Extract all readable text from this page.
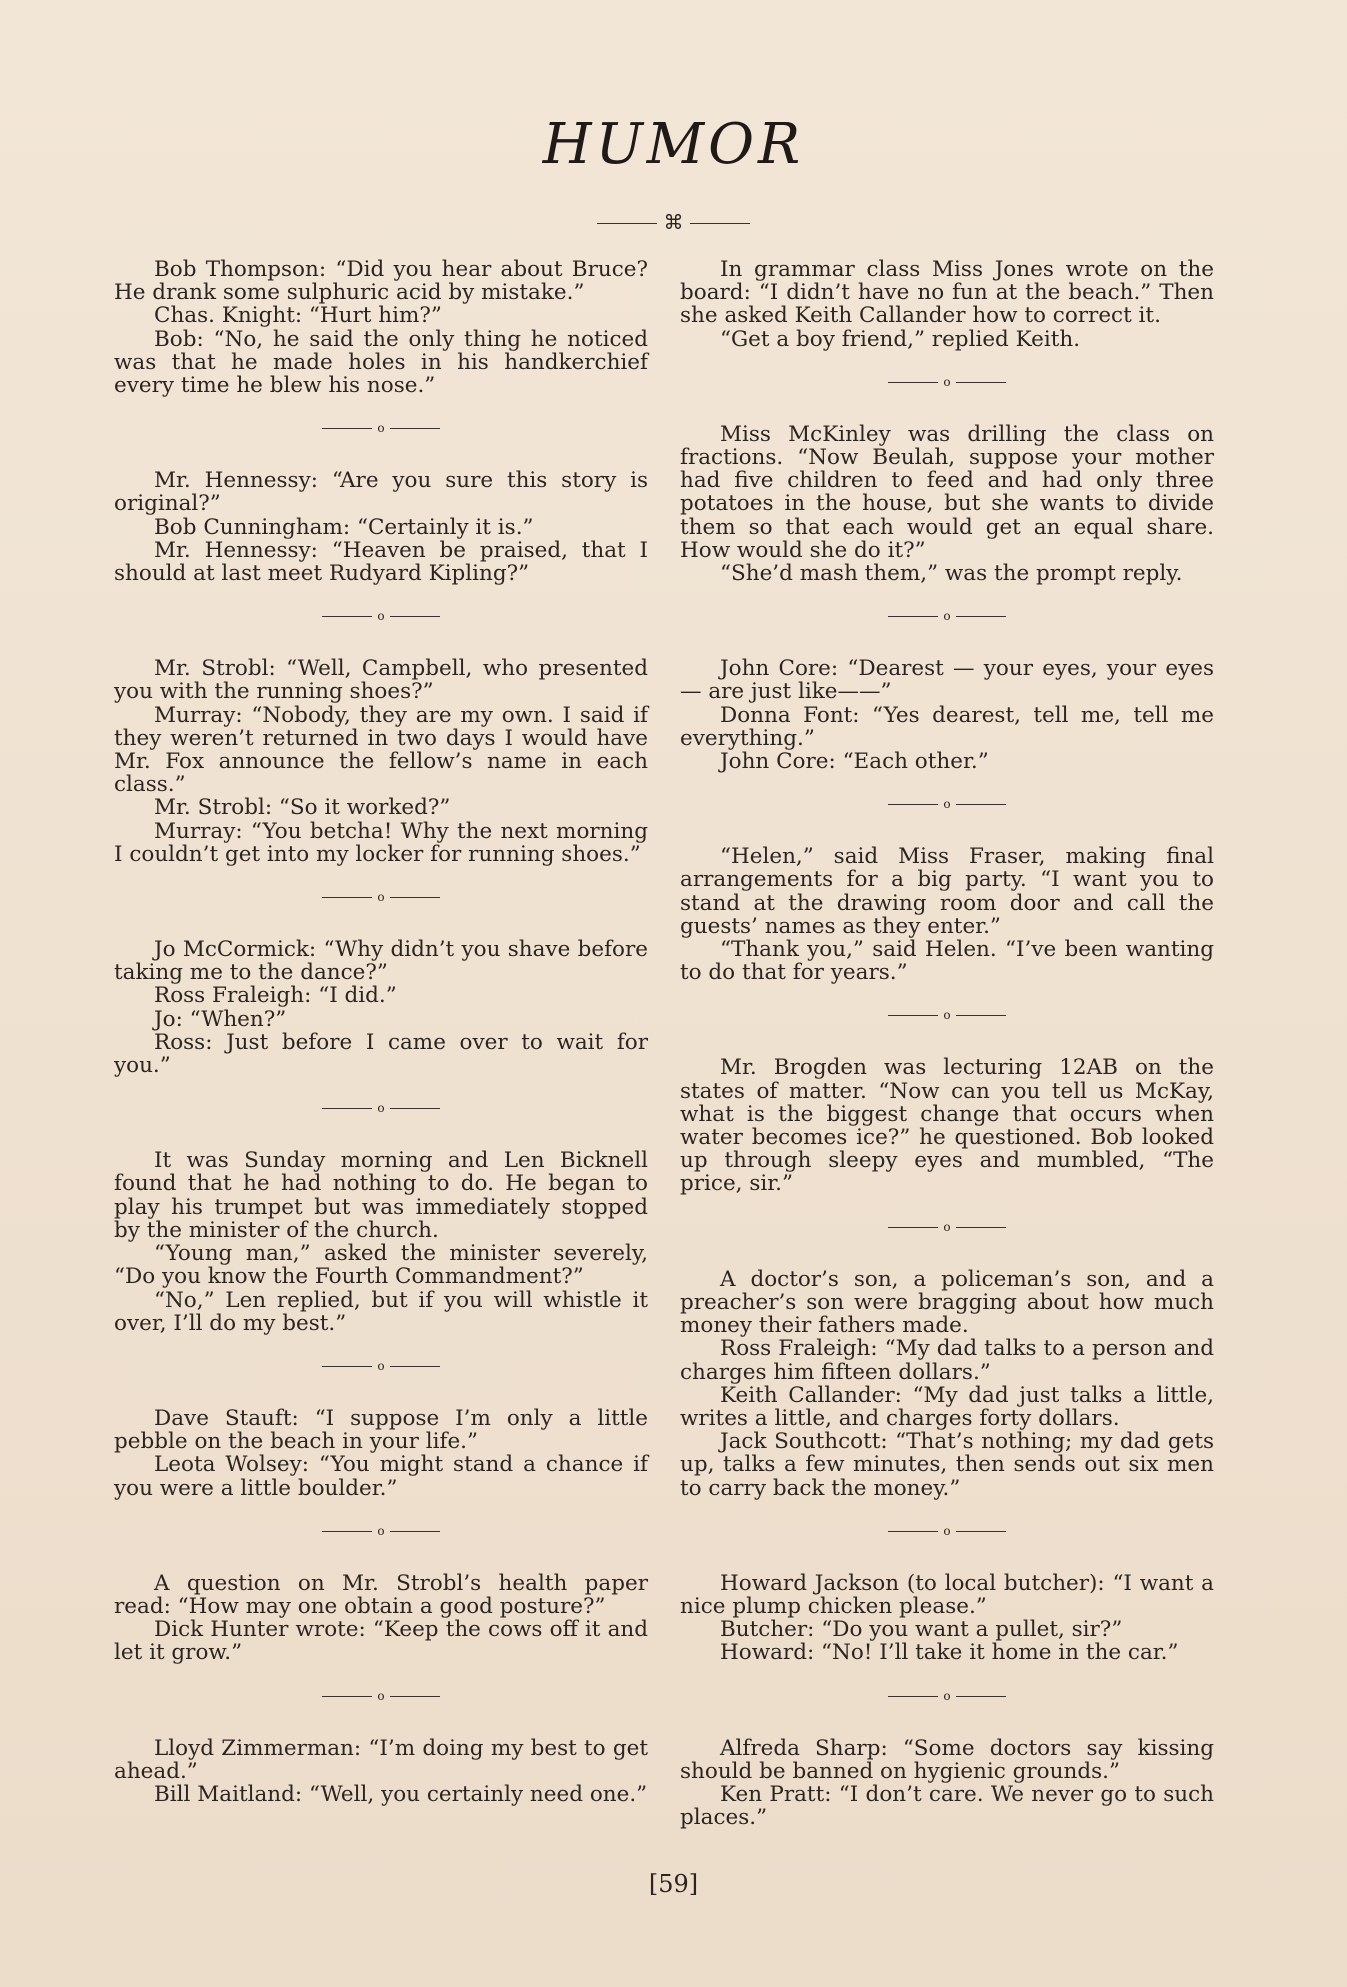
HUMOR
⌘

Bob Thompson: “Did you hear about Bruce? He drank some sulphuric acid by mistake.”

Chas. Knight: “Hurt him?”

Bob: “No, he said the only thing he noticed was that he made holes in his handkerchief every time he blew his nose.”

o

Mr. Hennessy: “Are you sure this story is original?”

Bob Cunningham: “Certainly it is.”

Mr. Hennessy: “Heaven be praised, that I should at last meet Rudyard Kipling?”

o

Mr. Strobl: “Well, Campbell, who presented you with the running shoes?”

Murray: “Nobody, they are my own. I said if they weren’t returned in two days I would have Mr. Fox announce the fellow’s name in each class.”

Mr. Strobl: “So it worked?”

Murray: “You betcha! Why the next morning I couldn’t get into my locker for running shoes.”

o

Jo McCormick: “Why didn’t you shave before taking me to the dance?”

Ross Fraleigh: “I did.”

Jo: “When?”

Ross: Just before I came over to wait for you.”

o

It was Sunday morning and Len Bicknell found that he had nothing to do. He began to play his trumpet but was immediately stopped by the minister of the church.

“Young man,” asked the minister severely, “Do you know the Fourth Commandment?”

“No,” Len replied, but if you will whistle it over, I’ll do my best.”

o

Dave Stauft: “I suppose I’m only a little pebble on the beach in your life.”

Leota Wolsey: “You might stand a chance if you were a little boulder.”

o

A question on Mr. Strobl’s health paper read: “How may one obtain a good posture?”

Dick Hunter wrote: “Keep the cows off it and let it grow.”

o

Lloyd Zimmerman: “I’m doing my best to get ahead.”

Bill Maitland: “Well, you certainly need one.”

In grammar class Miss Jones wrote on the board: “I didn’t have no fun at the beach.” Then she asked Keith Callander how to correct it.

“Get a boy friend,” replied Keith.

o

Miss McKinley was drilling the class on fractions. “Now Beulah, suppose your mother had five children to feed and had only three potatoes in the house, but she wants to divide them so that each would get an equal share. How would she do it?”

“She’d mash them,” was the prompt reply.

o

John Core: “Dearest — your eyes, your eyes — are just like——”

Donna Font: “Yes dearest, tell me, tell me everything.”

John Core: “Each other.”

o

“Helen,” said Miss Fraser, making final arrangements for a big party. “I want you to stand at the drawing room door and call the guests’ names as they enter.”

“Thank you,” said Helen. “I’ve been wanting to do that for years.”

o

Mr. Brogden was lecturing 12AB on the states of matter. “Now can you tell us McKay, what is the biggest change that occurs when water becomes ice?” he questioned. Bob looked up through sleepy eyes and mumbled, “The price, sir.”

o

A doctor’s son, a policeman’s son, and a preacher’s son were bragging about how much money their fathers made.

Ross Fraleigh: “My dad talks to a person and charges him fifteen dollars.”

Keith Callander: “My dad just talks a little, writes a little, and charges forty dollars.

Jack Southcott: “That’s nothing; my dad gets up, talks a few minutes, then sends out six men to carry back the money.”

o

Howard Jackson (to local butcher): “I want a nice plump chicken please.”

Butcher: “Do you want a pullet, sir?”

Howard: “No! I’ll take it home in the car.”

o

Alfreda Sharp: “Some doctors say kissing should be banned on hygienic grounds.”

Ken Pratt: “I don’t care. We never go to such places.”

[59]
